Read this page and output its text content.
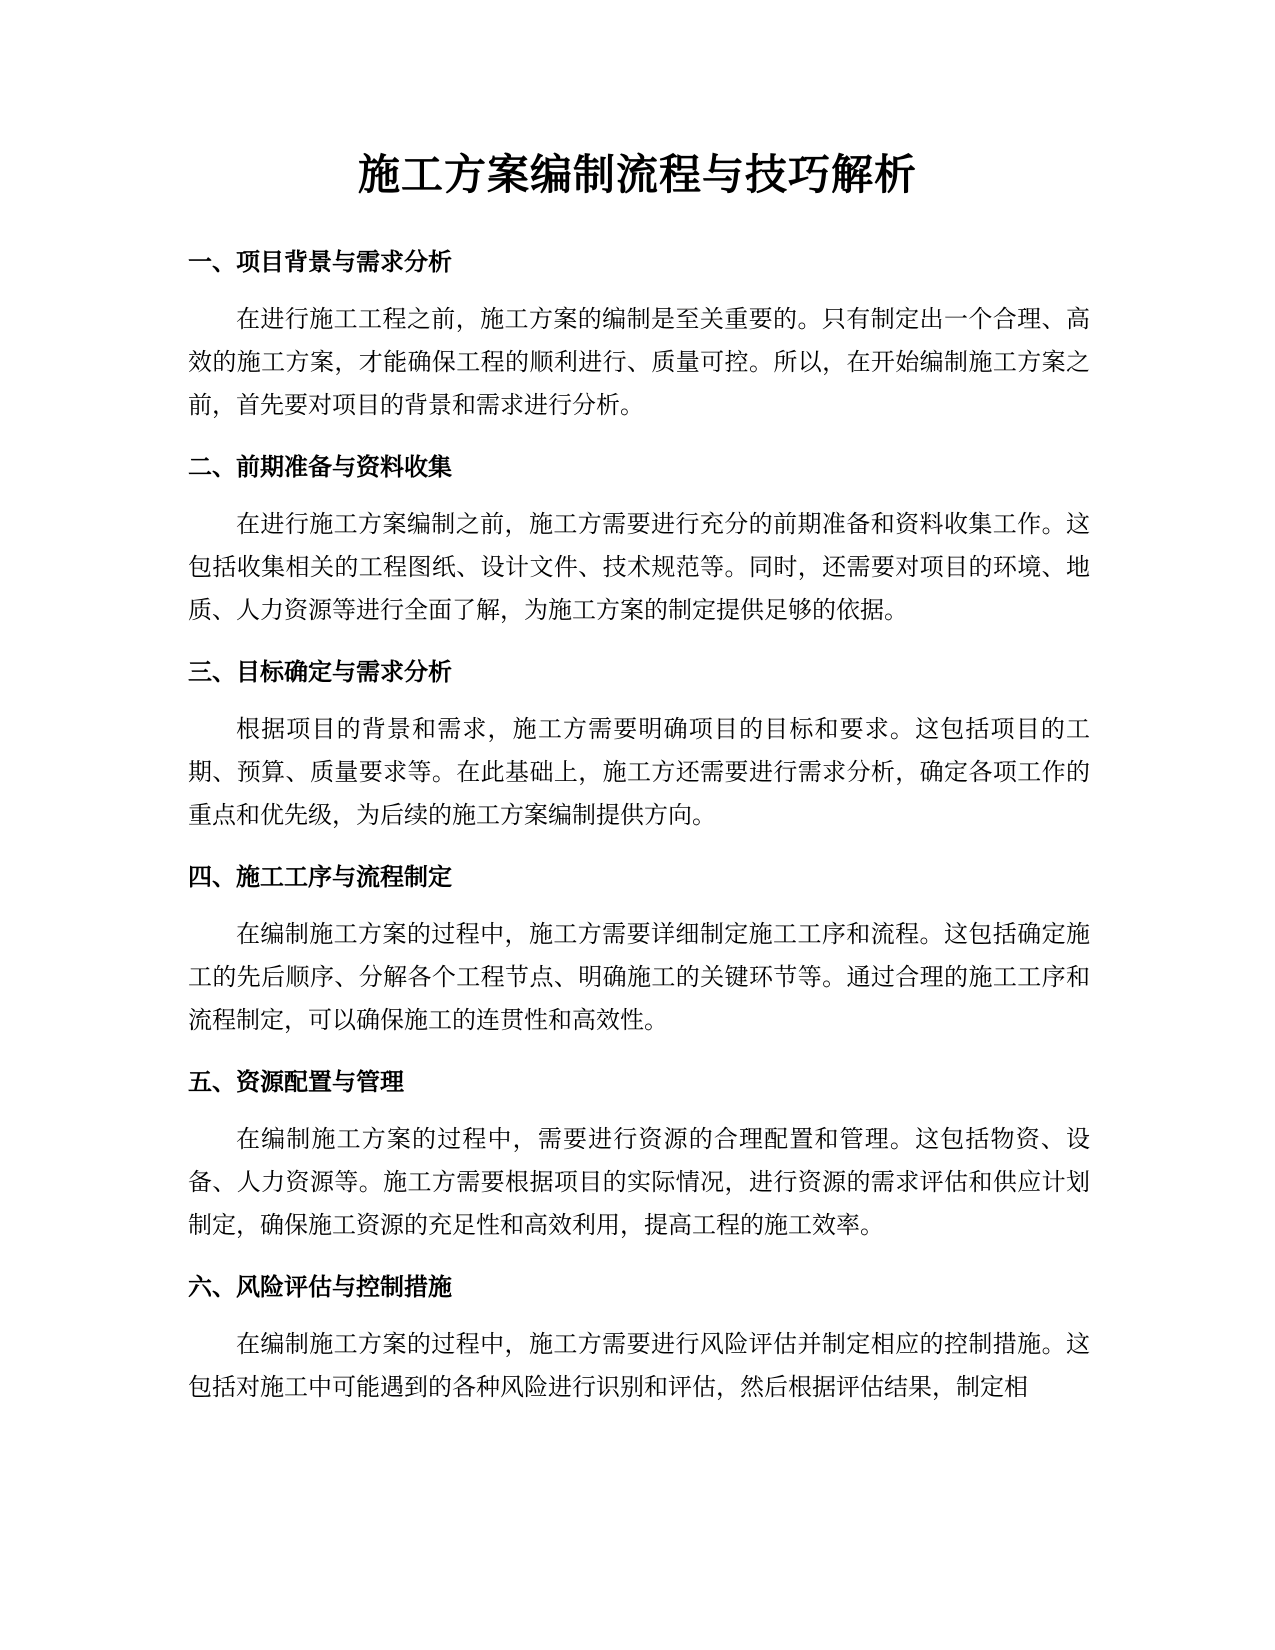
施工方案编制流程与技巧解析
一、项目背景与需求分析

在进行施工工程之前，施工方案的编制是至关重要的。只有制定出一个合理、高效的施工方案，才能确保工程的顺利进行、质量可控。所以，在开始编制施工方案之前，首先要对项目的背景和需求进行分析。

二、前期准备与资料收集

在进行施工方案编制之前，施工方需要进行充分的前期准备和资料收集工作。这包括收集相关的工程图纸、设计文件、技术规范等。同时，还需要对项目的环境、地质、人力资源等进行全面了解，为施工方案的制定提供足够的依据。

三、目标确定与需求分析

根据项目的背景和需求，施工方需要明确项目的目标和要求。这包括项目的工期、预算、质量要求等。在此基础上，施工方还需要进行需求分析，确定各项工作的重点和优先级，为后续的施工方案编制提供方向。

四、施工工序与流程制定

在编制施工方案的过程中，施工方需要详细制定施工工序和流程。这包括确定施工的先后顺序、分解各个工程节点、明确施工的关键环节等。通过合理的施工工序和流程制定，可以确保施工的连贯性和高效性。

五、资源配置与管理

在编制施工方案的过程中，需要进行资源的合理配置和管理。这包括物资、设备、人力资源等。施工方需要根据项目的实际情况，进行资源的需求评估和供应计划制定，确保施工资源的充足性和高效利用，提高工程的施工效率。

六、风险评估与控制措施

在编制施工方案的过程中，施工方需要进行风险评估并制定相应的控制措施。这包括对施工中可能遇到的各种风险进行识别和评估，然后根据评估结果，制定相
